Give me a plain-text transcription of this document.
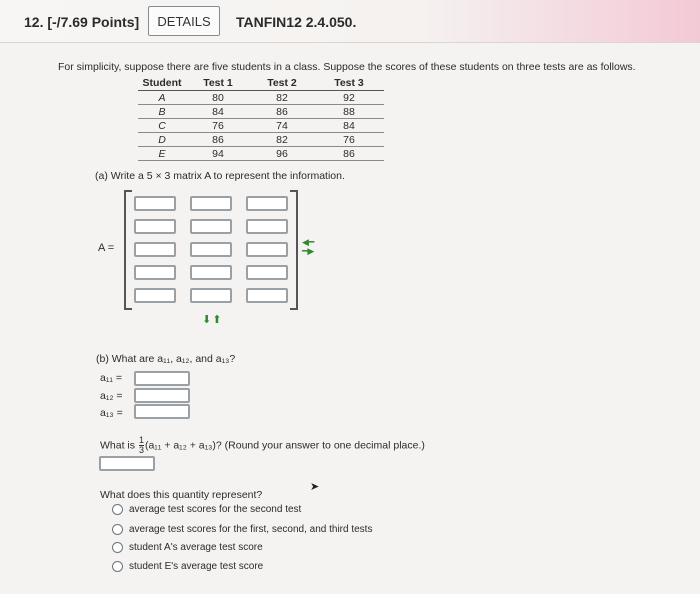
12. [-/7.69 Points]	DETAILS	TANFIN12 2.4.050.
For simplicity, suppose there are five students in a class. Suppose the scores of these students on three tests are as follows.
Student	Test 1	Test 2	Test 3
A	80	82	92
B	84	86	88
C	76	74	84
D	86	82	76
E	94	96	86
(a) Write a 5 × 3 matrix A to represent the information.
A =	◀━
━▶
⬇⬆
(b) What are a₁₁, a₁₂, and a₁₃?
a₁₁ =
a₁₂ =
a₁₃ =
What is $\frac{1}{3} (a_{11} + a_{12} + a_{13})$? (Round your answer to one decimal place.)
What does this quantity represent?
average test scores for the second test
average test scores for the first, second, and third tests
student A's average test score
student E's average test score
➤
